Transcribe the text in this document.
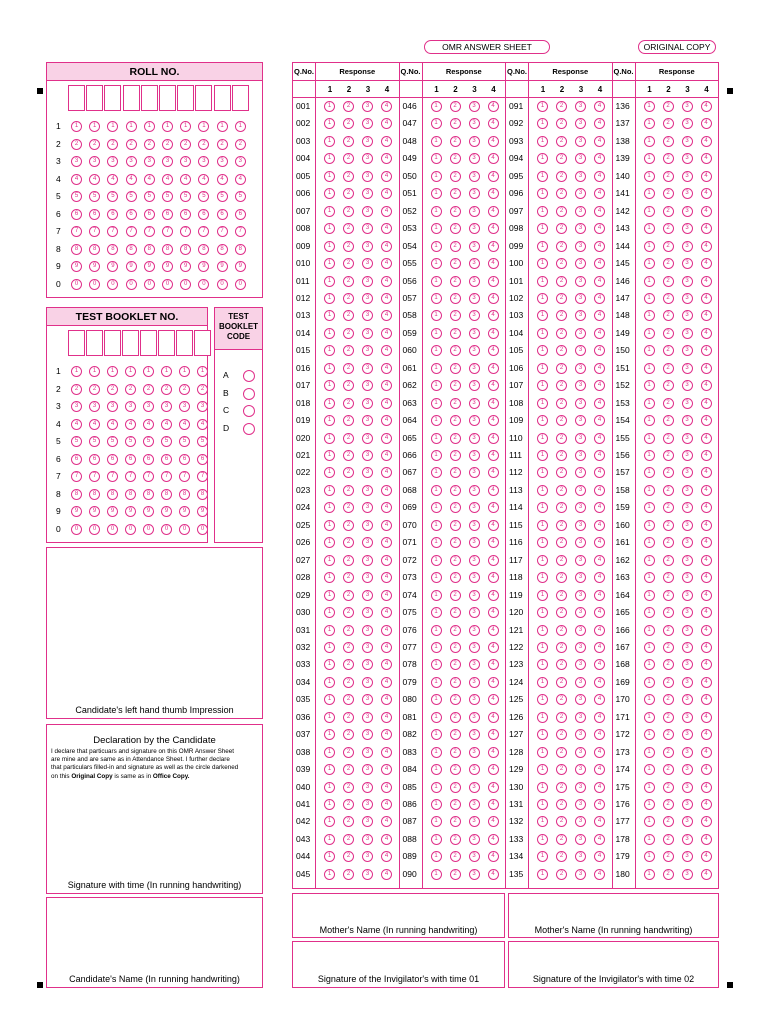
OMR ANSWER SHEET	ORIGINAL COPY
ROLL NO.
1	1	1	1	1	1	1	1	1	1	1
2	2	2	2	2	2	2	2	2	2	2
3	3	3	3	3	3	3	3	3	3	3
4	4	4	4	4	4	4	4	4	4	4
5	5	5	5	5	5	5	5	5	5	5
6	6	6	6	6	6	6	6	6	6	6
7	7	7	7	7	7	7	7	7	7	7
8	8	8	8	8	8	8	8	8	8	8
9	9	9	9	9	9	9	9	9	9	9
0	0	0	0	0	0	0	0	0	0	0
TEST BOOKLET NO.
1	1	1	1	1	1	1	1	1
2	2	2	2	2	2	2	2	2
3	3	3	3	3	3	3	3	3
4	4	4	4	4	4	4	4	4
5	5	5	5	5	5	5	5	5
6	6	6	6	6	6	6	6	6
7	7	7	7	7	7	7	7	7
8	8	8	8	8	8	8	8	8
9	9	9	9	9	9	9	9	9
0	0	0	0	0	0	0	0	0
TEST
BOOKLET
CODE
A
B
C
D
Candidate's left hand thumb Impression
Declaration by the Candidate
I declare that particuars and signature on this OMR Answer Sheet
are mine and are same as in Attendance Sheet. I further declare
that particulars filled-in and signature as well as the circle darkened
on this Original Copy is same as in Office Copy.
Signature with time (In running handwriting)
Candidate's Name (In running handwriting)
Q.No.	Response
1	2	3	4
001	1	2	3	4
002	1	2	3	4
003	1	2	3	4
004	1	2	3	4
005	1	2	3	4
006	1	2	3	4
007	1	2	3	4
008	1	2	3	4
009	1	2	3	4
010	1	2	3	4
011	1	2	3	4
012	1	2	3	4
013	1	2	3	4
014	1	2	3	4
015	1	2	3	4
016	1	2	3	4
017	1	2	3	4
018	1	2	3	4
019	1	2	3	4
020	1	2	3	4
021	1	2	3	4
022	1	2	3	4
023	1	2	3	4
024	1	2	3	4
025	1	2	3	4
026	1	2	3	4
027	1	2	3	4
028	1	2	3	4
029	1	2	3	4
030	1	2	3	4
031	1	2	3	4
032	1	2	3	4
033	1	2	3	4
034	1	2	3	4
035	1	2	3	4
036	1	2	3	4
037	1	2	3	4
038	1	2	3	4
039	1	2	3	4
040	1	2	3	4
041	1	2	3	4
042	1	2	3	4
043	1	2	3	4
044	1	2	3	4
045	1	2	3	4
Q.No.	Response
1	2	3	4
046	1	2	3	4
047	1	2	3	4
048	1	2	3	4
049	1	2	3	4
050	1	2	3	4
051	1	2	3	4
052	1	2	3	4
053	1	2	3	4
054	1	2	3	4
055	1	2	3	4
056	1	2	3	4
057	1	2	3	4
058	1	2	3	4
059	1	2	3	4
060	1	2	3	4
061	1	2	3	4
062	1	2	3	4
063	1	2	3	4
064	1	2	3	4
065	1	2	3	4
066	1	2	3	4
067	1	2	3	4
068	1	2	3	4
069	1	2	3	4
070	1	2	3	4
071	1	2	3	4
072	1	2	3	4
073	1	2	3	4
074	1	2	3	4
075	1	2	3	4
076	1	2	3	4
077	1	2	3	4
078	1	2	3	4
079	1	2	3	4
080	1	2	3	4
081	1	2	3	4
082	1	2	3	4
083	1	2	3	4
084	1	2	3	4
085	1	2	3	4
086	1	2	3	4
087	1	2	3	4
088	1	2	3	4
089	1	2	3	4
090	1	2	3	4
Q.No.	Response
1	2	3	4
091	1	2	3	4
092	1	2	3	4
093	1	2	3	4
094	1	2	3	4
095	1	2	3	4
096	1	2	3	4
097	1	2	3	4
098	1	2	3	4
099	1	2	3	4
100	1	2	3	4
101	1	2	3	4
102	1	2	3	4
103	1	2	3	4
104	1	2	3	4
105	1	2	3	4
106	1	2	3	4
107	1	2	3	4
108	1	2	3	4
109	1	2	3	4
110	1	2	3	4
111	1	2	3	4
112	1	2	3	4
113	1	2	3	4
114	1	2	3	4
115	1	2	3	4
116	1	2	3	4
117	1	2	3	4
118	1	2	3	4
119	1	2	3	4
120	1	2	3	4
121	1	2	3	4
122	1	2	3	4
123	1	2	3	4
124	1	2	3	4
125	1	2	3	4
126	1	2	3	4
127	1	2	3	4
128	1	2	3	4
129	1	2	3	4
130	1	2	3	4
131	1	2	3	4
132	1	2	3	4
133	1	2	3	4
134	1	2	3	4
135	1	2	3	4
Q.No.	Response
1	2	3	4
136	1	2	3	4
137	1	2	3	4
138	1	2	3	4
139	1	2	3	4
140	1	2	3	4
141	1	2	3	4
142	1	2	3	4
143	1	2	3	4
144	1	2	3	4
145	1	2	3	4
146	1	2	3	4
147	1	2	3	4
148	1	2	3	4
149	1	2	3	4
150	1	2	3	4
151	1	2	3	4
152	1	2	3	4
153	1	2	3	4
154	1	2	3	4
155	1	2	3	4
156	1	2	3	4
157	1	2	3	4
158	1	2	3	4
159	1	2	3	4
160	1	2	3	4
161	1	2	3	4
162	1	2	3	4
163	1	2	3	4
164	1	2	3	4
165	1	2	3	4
166	1	2	3	4
167	1	2	3	4
168	1	2	3	4
169	1	2	3	4
170	1	2	3	4
171	1	2	3	4
172	1	2	3	4
173	1	2	3	4
174	1	2	3	4
175	1	2	3	4
176	1	2	3	4
177	1	2	3	4
178	1	2	3	4
179	1	2	3	4
180	1	2	3	4
Mother's Name (In running handwriting)	Mother's Name (In running handwriting)
Signature of the Invigilator's with time 01	Signature of the Invigilator's with time 02
